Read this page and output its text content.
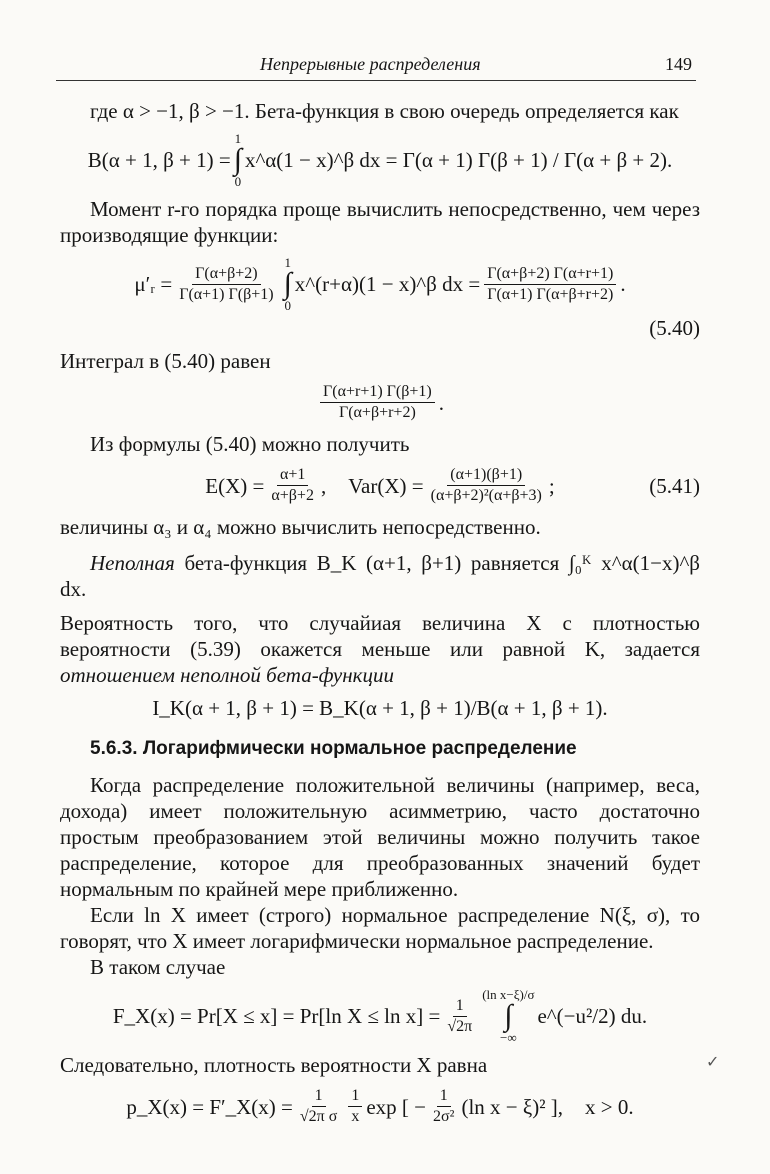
Непрерывные распределения	149

где α > −1, β > −1. Бета-функция в свою очередь определяется как

B(α + 1, β + 1) =
1
∫
0
x^α(1 − x)^β dx = Γ(α + 1) Γ(β + 1) / Γ(α + β + 2).

Момент r-го порядка проще вычислить непосредственно, чем через производящие функции:

μ′ᵣ = $\frac{\Gamma(\alpha+\beta+2)}{\Gamma(\alpha+1) \Gamma(\beta+1)}$
1
∫
0
x^(r+α)(1 − x)^β dx = $\frac{\Gamma(\alpha+\beta+2) \Gamma(\alpha+r+1)}{\Gamma(\alpha+1) \Gamma(\alpha+\beta+r+2)}$ .
(5.40)

Интеграл в (5.40) равен

$\frac{\Gamma(\alpha+r+1) \Gamma(\beta+1)}{\Gamma(\alpha+\beta+r+2)}$ .

Из формулы (5.40) можно получить

$E(X) = \frac{\alpha+1}{\alpha+\beta+2}$ , $Var(X) = \frac{(\alpha+1)(\beta+1)}{\text{(α+β+2)²(α+β+3)}}$ ;	(5.41)

величины α₃ и α₄ можно вычислить непосредственно.

Неполная бета-функция B_K (α+1, β+1) равняется ∫₀ᴷ x^α(1−x)^β dx.

Вероятность того, что случайиая величина X с плотностью вероятности (5.39) окажется меньше или равной K, задается отношением неполной бета-функции

I_K(α + 1, β + 1) = B_K(α + 1, β + 1)/B(α + 1, β + 1).
5.6.3. Логарифмически нормальное распределение

Когда распределение положительной величины (например, веса, дохода) имеет положительную асимметрию, часто достаточно простым преобразованием этой величины можно получить такое распределение, которое для преобразованных значений будет нормальным по крайней мере приближенно.

Если ln X имеет (строго) нормальное распределение N(ξ, σ), то говорят, что X имеет логарифмически нормальное распределение.

В таком случае

F_X(x) = Pr[X ≤ x] = Pr[ln $X \le \ln x] = \frac{1}{√2\pi}$
(ln x−ξ)/σ
∫
−∞
e^(−u²/2) du.

Следовательно, плотность вероятности X равна

p_X(x) = F′_X(x) = $\frac{1}{\text{√2π σ}} \frac{1}{x}$ exp [ − $\frac{1}{\text{2σ²}} (\ln$ x − ξ)² ], x > 0.
✓
